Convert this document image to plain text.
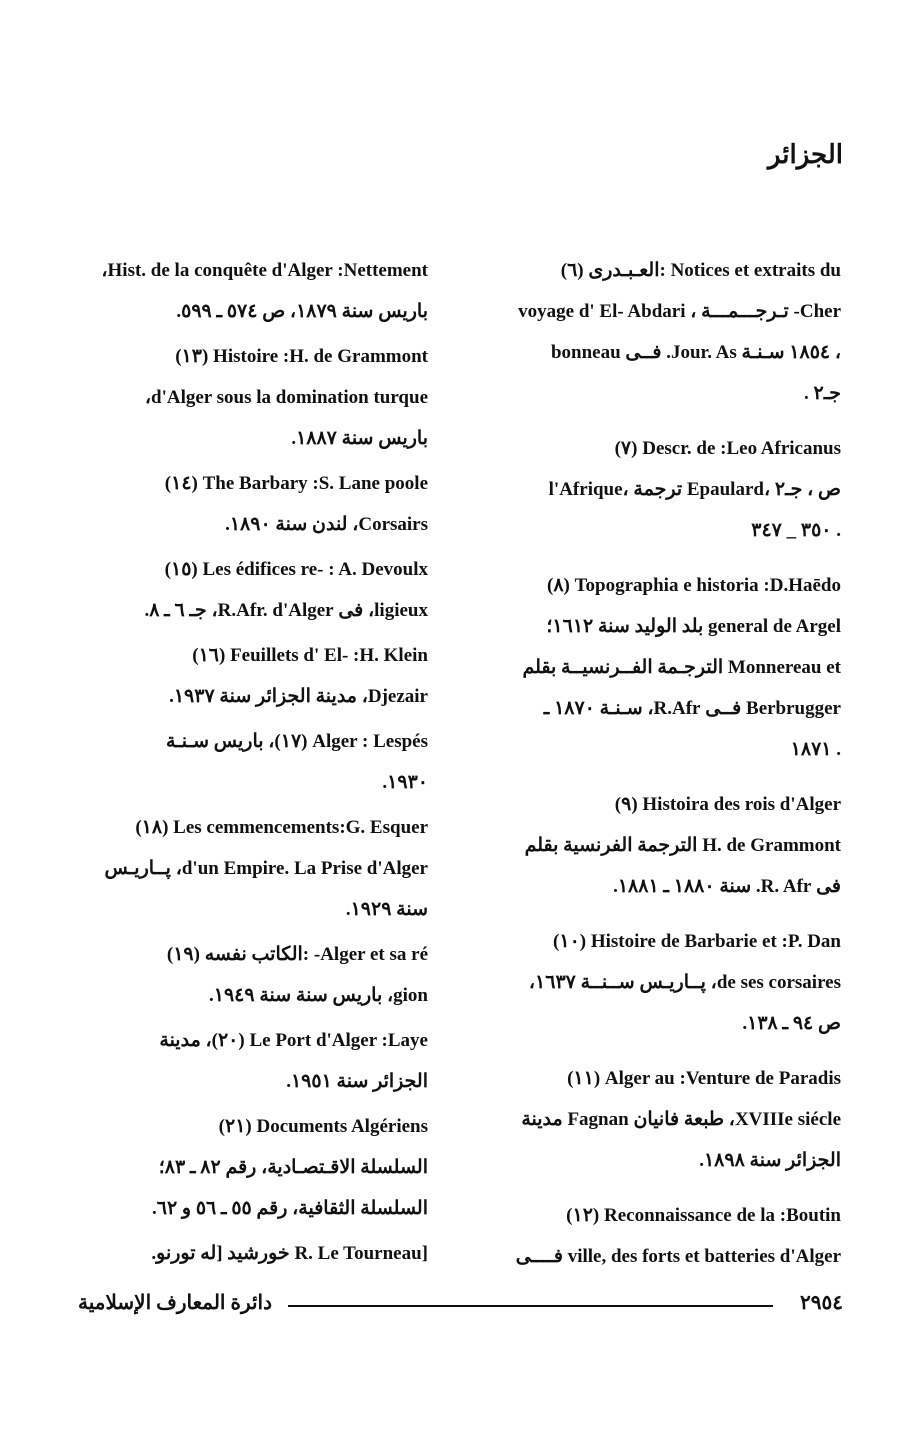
الجزائر
Notices et extraits du :العـبـدرى (٦)
Cher- تـرجـــمـــة ، voyage d' El- Abdari
، ١٨٥٤ سـنـة Jour. As. فــى bonneau
جـ٢ .
Descr. de :Leo Africanus (٧)
ص ، جـ٢ ،Epaulard ترجمة ،l'Afrique
. ٣٥٠ _ ٣٤٧
Topographia e historia :D.Haēdo (٨)
general de Argel بلد الوليد سنة ١٦١٢؛
Monnereau et الترجـمة الفــرنسيــة بقلم
Berbrugger فــى R.Afr، سـنـة ١٨٧٠ ـ
. ١٨٧١
Histoira des rois d'Alger (٩)
H. de Grammont الترجمة الفرنسية بقلم
فى R. Afr. سنة ١٨٨٠ ـ ١٨٨١.
Histoire de Barbarie et :P. Dan (١٠)
de ses corsaires، پــاريـس ســنــة ١٦٣٧،
ص ٩٤ ـ ١٣٨.
Alger au :Venture de Paradis (١١)
XVIIIe siécle، طبعة فانيان Fagnan مدينة
الجزائر سنة ١٨٩٨.
Reconnaissance de la :Boutin (١٢)
ville, des forts et batteries d'Alger فــــى
Hist. de la conquête d'Alger :Nettement،
باريس سنة ١٨٧٩، ص ٥٧٤ ـ ٥٩٩.
Histoire :H. de Grammont (١٣)
d'Alger sous la domination turque،
باريس سنة ١٨٨٧.
The Barbary :S. Lane poole (١٤)
Corsairs، لندن سنة ١٨٩٠.
Les édifices re- : A. Devoulx (١٥)
ligieux، فى R.Afr. d'Alger، جـ ٦ ـ ٨.
Feuillets d' El- :H. Klein (١٦)
Djezair، مدينة الجزائر سنة ١٩٣٧.
Alger : Lespés (١٧)، باريس سـنـة
١٩٣٠.
Les cemmencements:G. Esquer (١٨)
d'un Empire. La Prise d'Alger، پــاريـس
سنة ١٩٢٩.
Alger et sa ré- :الكاتب نفسه (١٩)
gion، باريس سنة سنة ١٩٤٩.
Le Port d'Alger :Laye (٢٠)، مدينة
الجزائر سنة ١٩٥١.
Documents Algériens (٢١)
السلسلة الاقـتصـادية، رقم ٨٢ ـ ٨٣؛
السلسلة الثقافية، رقم ٥٥ ـ ٥٦ و ٦٢.
[R. Le Tourneau خورشيد [له تورنو.
دائرة المعارف الإسلامية	٢٩٥٤
